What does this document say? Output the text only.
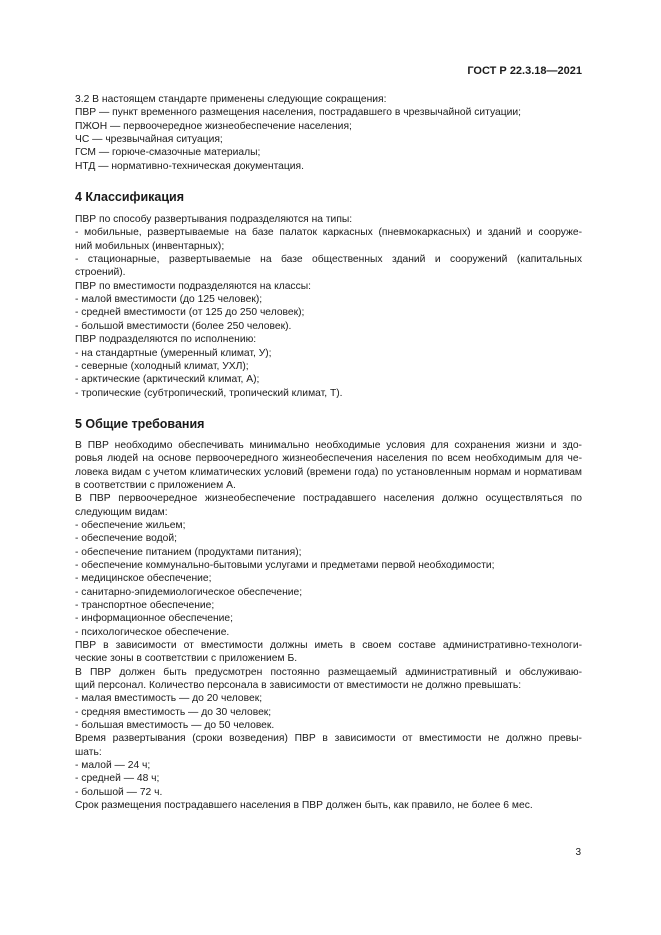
ГОСТ Р 22.3.18—2021

3.2 В настоящем стандарте применены следующие сокращения:

ПВР — пункт временного размещения населения, пострадавшего в чрезвычайной ситуации;

ПЖОН — первоочередное жизнеобеспечение населения;

ЧС — чрезвычайная ситуация;

ГСМ — горюче-смазочные материалы;

НТД — нормативно-техническая документация.

4 Классификация

ПВР по способу развертывания подразделяются на типы:

- мобильные, развертываемые на базе палаток каркасных (пневмокаркасных) и зданий и сооруже-

ний мобильных (инвентарных);

- стационарные, развертываемые на базе общественных зданий и сооружений (капитальных

строений).

ПВР по вместимости подразделяются на классы:

- малой вместимости (до 125 человек);

- средней вместимости (от 125 до 250 человек);

- большой вместимости (более 250 человек).

ПВР подразделяются по исполнению:

- на стандартные (умеренный климат, У);

- северные (холодный климат, УХЛ);

- арктические (арктический климат, А);

- тропические (субтропический, тропический климат, Т).

5 Общие требования

В ПВР необходимо обеспечивать минимально необходимые условия для сохранения жизни и здо-

ровья людей на основе первоочередного жизнеобеспечения населения по всем необходимым для че-

ловека видам с учетом климатических условий (времени года) по установленным нормам и нормативам

в соответствии с приложением А.

В ПВР первоочередное жизнеобеспечение пострадавшего населения должно осуществляться по

следующим видам:

- обеспечение жильем;

- обеспечение водой;

- обеспечение питанием (продуктами питания);

- обеспечение коммунально-бытовыми услугами и предметами первой необходимости;

- медицинское обеспечение;

- санитарно-эпидемиологическое обеспечение;

- транспортное обеспечение;

- информационное обеспечение;

- психологическое обеспечение.

ПВР в зависимости от вместимости должны иметь в своем составе административно-технологи-

ческие зоны в соответствии с приложением Б.

В ПВР должен быть предусмотрен постоянно размещаемый административный и обслуживаю-

щий персонал. Количество персонала в зависимости от вместимости не должно превышать:

- малая вместимость — до 20 человек;

- средняя вместимость — до 30 человек;

- большая вместимость — до 50 человек.

Время развертывания (сроки возведения) ПВР в зависимости от вместимости не должно превы-

шать:

- малой — 24 ч;

- средней — 48 ч;

- большой — 72 ч.

Срок размещения пострадавшего населения в ПВР должен быть, как правило, не более 6 мес.

3
